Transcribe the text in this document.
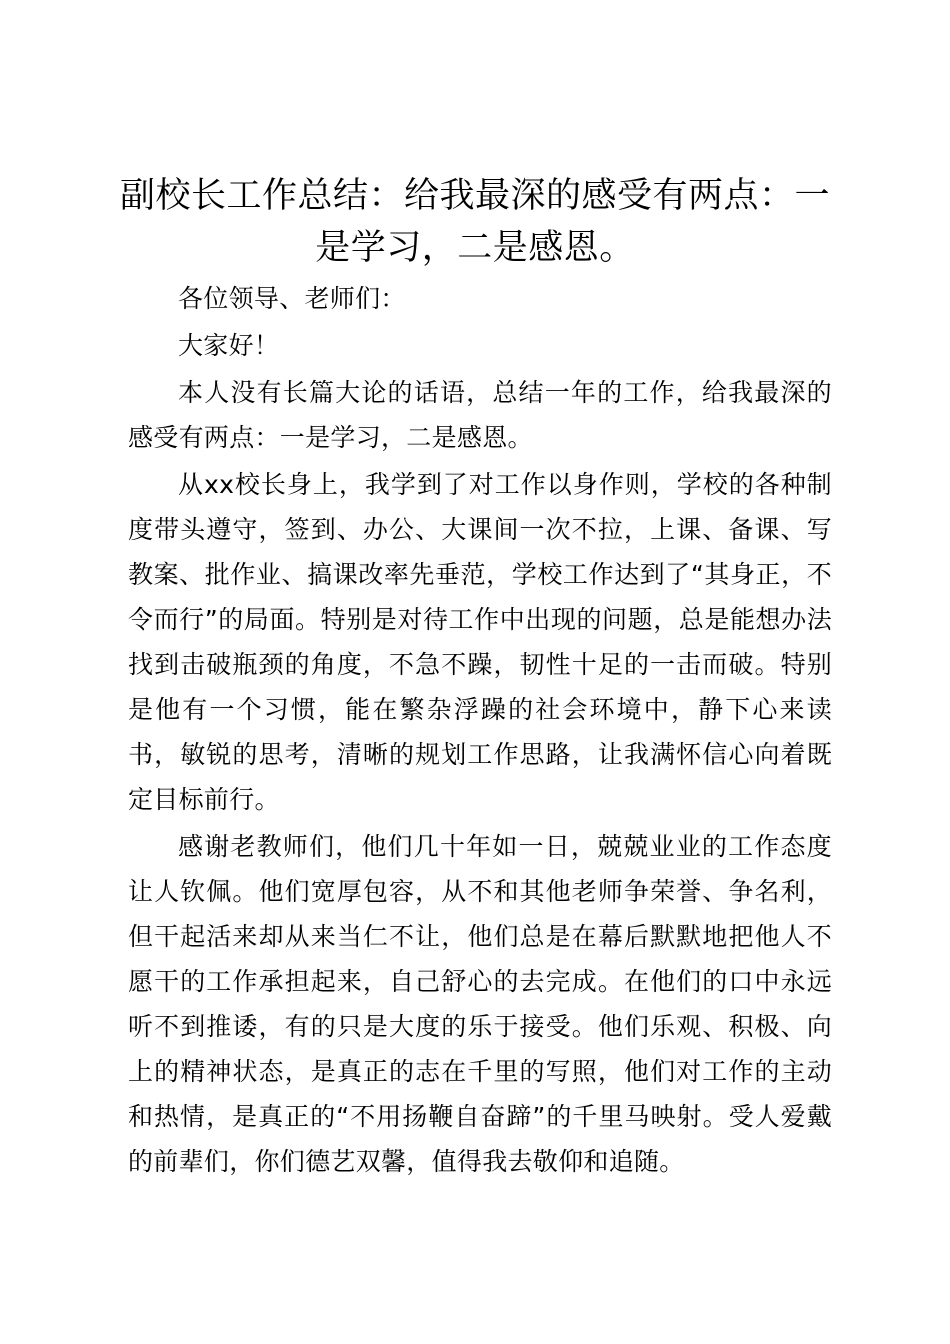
副校长工作总结：给我最深的感受有两点：一是学习，二是感恩。

各位领导、老师们：

大家好！

本人没有长篇大论的话语，总结一年的工作，给我最深的感受有两点：一是学习，二是感恩。

从xx校长身上，我学到了对工作以身作则，学校的各种制度带头遵守，签到、办公、大课间一次不拉，上课、备课、写教案、批作业、搞课改率先垂范，学校工作达到了“其身正，不令而行”的局面。特别是对待工作中出现的问题，总是能想办法找到击破瓶颈的角度，不急不躁，韧性十足的一击而破。特别是他有一个习惯，能在繁杂浮躁的社会环境中，静下心来读书，敏锐的思考，清晰的规划工作思路，让我满怀信心向着既定目标前行。

感谢老教师们，他们几十年如一日，兢兢业业的工作态度让人钦佩。他们宽厚包容，从不和其他老师争荣誉、争名利，但干起活来却从来当仁不让，他们总是在幕后默默地把他人不愿干的工作承担起来，自己舒心的去完成。在他们的口中永远听不到推诿，有的只是大度的乐于接受。他们乐观、积极、向上的精神状态，是真正的志在千里的写照，他们对工作的主动和热情，是真正的“不用扬鞭自奋蹄”的千里马映射。受人爱戴的前辈们，你们德艺双馨，值得我去敬仰和追随。
